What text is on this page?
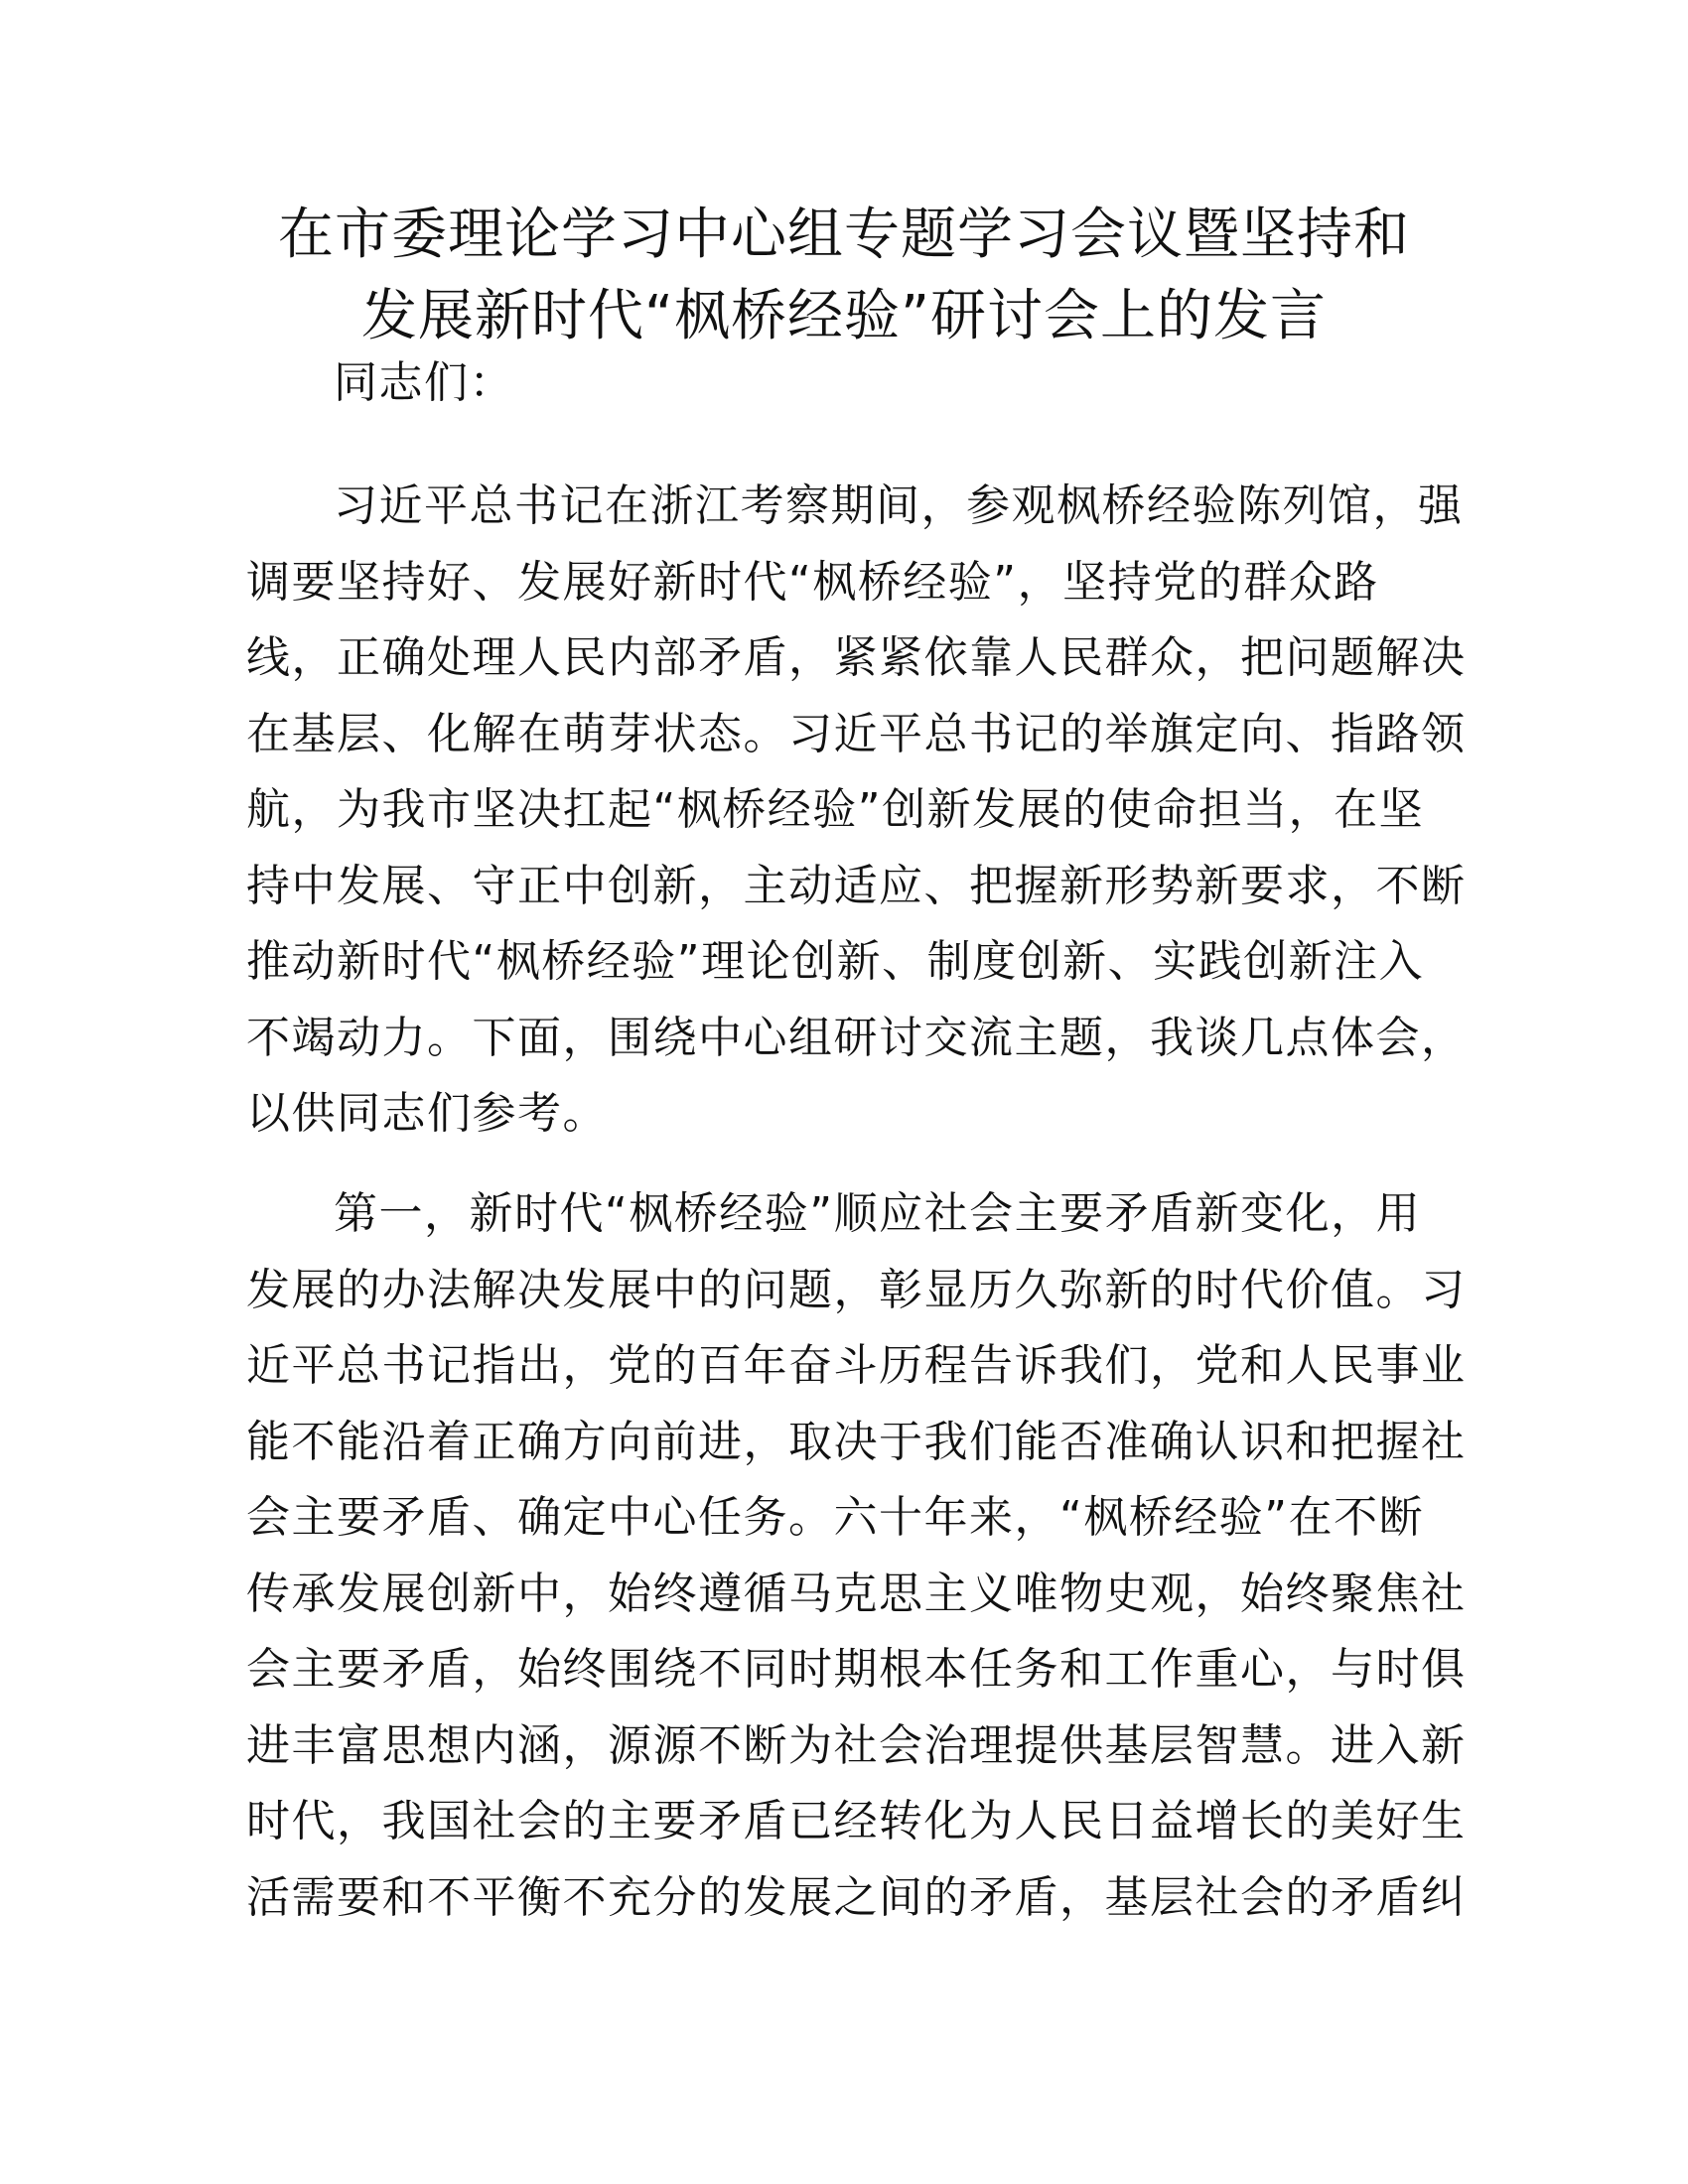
在市委理论学习中心组专题学习会议暨坚持和
发展新时代“枫桥经验”研讨会上的发言
同志们：
习近平总书记在浙江考察期间，参观枫桥经验陈列馆，强
调要坚持好、发展好新时代“枫桥经验”，坚持党的群众路
线，正确处理人民内部矛盾，紧紧依靠人民群众，把问题解决
在基层、化解在萌芽状态。习近平总书记的举旗定向、指路领
航，为我市坚决扛起“枫桥经验”创新发展的使命担当，在坚
持中发展、守正中创新，主动适应、把握新形势新要求，不断
推动新时代“枫桥经验”理论创新、制度创新、实践创新注入
不竭动力。下面，围绕中心组研讨交流主题，我谈几点体会，
以供同志们参考。
第一，新时代“枫桥经验”顺应社会主要矛盾新变化，用
发展的办法解决发展中的问题，彰显历久弥新的时代价值。习
近平总书记指出，党的百年奋斗历程告诉我们，党和人民事业
能不能沿着正确方向前进，取决于我们能否准确认识和把握社
会主要矛盾、确定中心任务。六十年来，“枫桥经验”在不断
传承发展创新中，始终遵循马克思主义唯物史观，始终聚焦社
会主要矛盾，始终围绕不同时期根本任务和工作重心，与时俱
进丰富思想内涵，源源不断为社会治理提供基层智慧。进入新
时代，我国社会的主要矛盾已经转化为人民日益增长的美好生
活需要和不平衡不充分的发展之间的矛盾，基层社会的矛盾纠
